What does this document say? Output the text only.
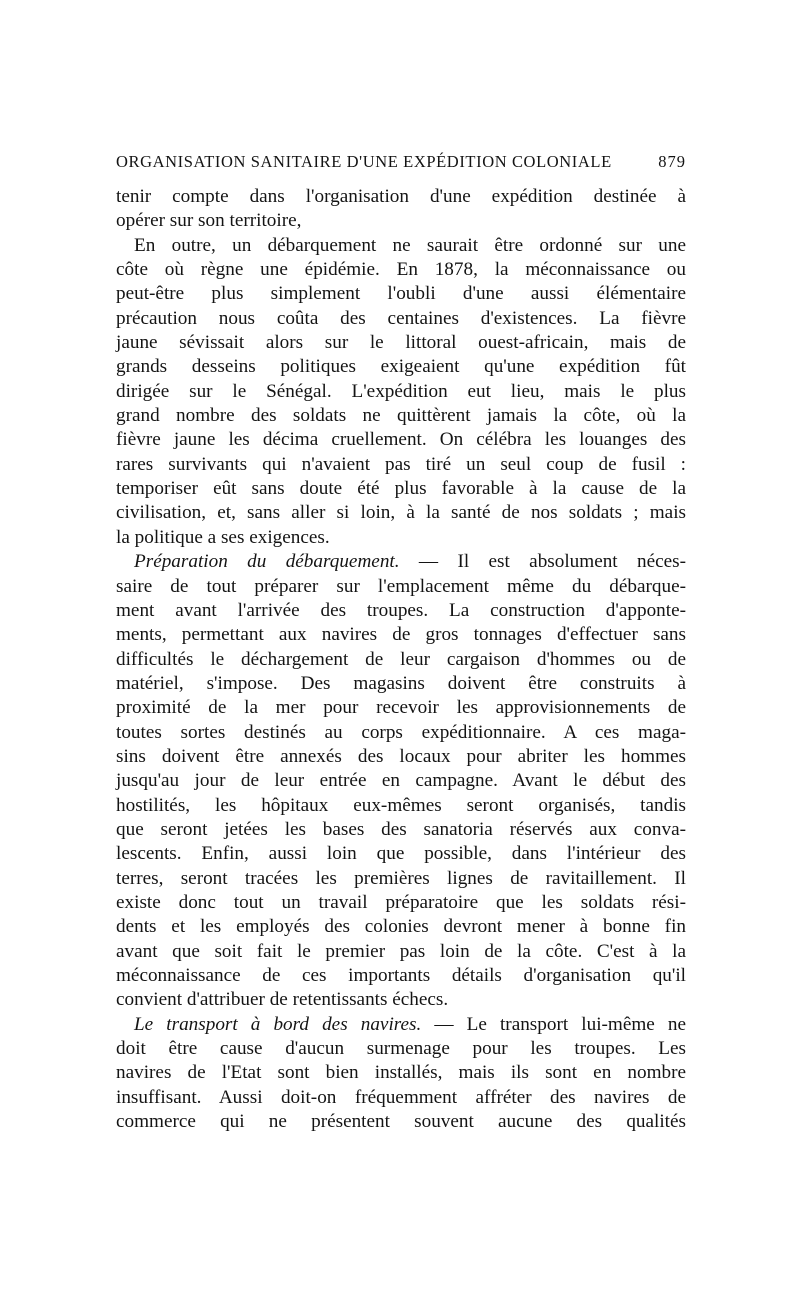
ORGANISATION SANITAIRE D'UNE EXPÉDITION COLONIALE	879
tenir compte dans l'organisation d'une expédition destinée à
opérer sur son territoire,
En outre, un débarquement ne saurait être ordonné sur une
côte où règne une épidémie. En 1878, la méconnaissance ou
peut-être plus simplement l'oubli d'une aussi élémentaire
précaution nous coûta des centaines d'existences. La fièvre
jaune sévissait alors sur le littoral ouest-africain, mais de
grands desseins politiques exigeaient qu'une expédition fût
dirigée sur le Sénégal. L'expédition eut lieu, mais le plus
grand nombre des soldats ne quittèrent jamais la côte, où la
fièvre jaune les décima cruellement. On célébra les louanges des
rares survivants qui n'avaient pas tiré un seul coup de fusil :
temporiser eût sans doute été plus favorable à la cause de la
civilisation, et, sans aller si loin, à la santé de nos soldats ; mais
la politique a ses exigences.
Préparation du débarquement. — Il est absolument néces-
saire de tout préparer sur l'emplacement même du débarque-
ment avant l'arrivée des troupes. La construction d'apponte-
ments, permettant aux navires de gros tonnages d'effectuer sans
difficultés le déchargement de leur cargaison d'hommes ou de
matériel, s'impose. Des magasins doivent être construits à
proximité de la mer pour recevoir les approvisionnements de
toutes sortes destinés au corps expéditionnaire. A ces maga-
sins doivent être annexés des locaux pour abriter les hommes
jusqu'au jour de leur entrée en campagne. Avant le début des
hostilités, les hôpitaux eux-mêmes seront organisés, tandis
que seront jetées les bases des sanatoria réservés aux conva-
lescents. Enfin, aussi loin que possible, dans l'intérieur des
terres, seront tracées les premières lignes de ravitaillement. Il
existe donc tout un travail préparatoire que les soldats rési-
dents et les employés des colonies devront mener à bonne fin
avant que soit fait le premier pas loin de la côte. C'est à la
méconnaissance de ces importants détails d'organisation qu'il
convient d'attribuer de retentissants échecs.
Le transport à bord des navires. — Le transport lui-même ne
doit être cause d'aucun surmenage pour les troupes. Les
navires de l'Etat sont bien installés, mais ils sont en nombre
insuffisant. Aussi doit-on fréquemment affréter des navires de
commerce qui ne présentent souvent aucune des qualités
